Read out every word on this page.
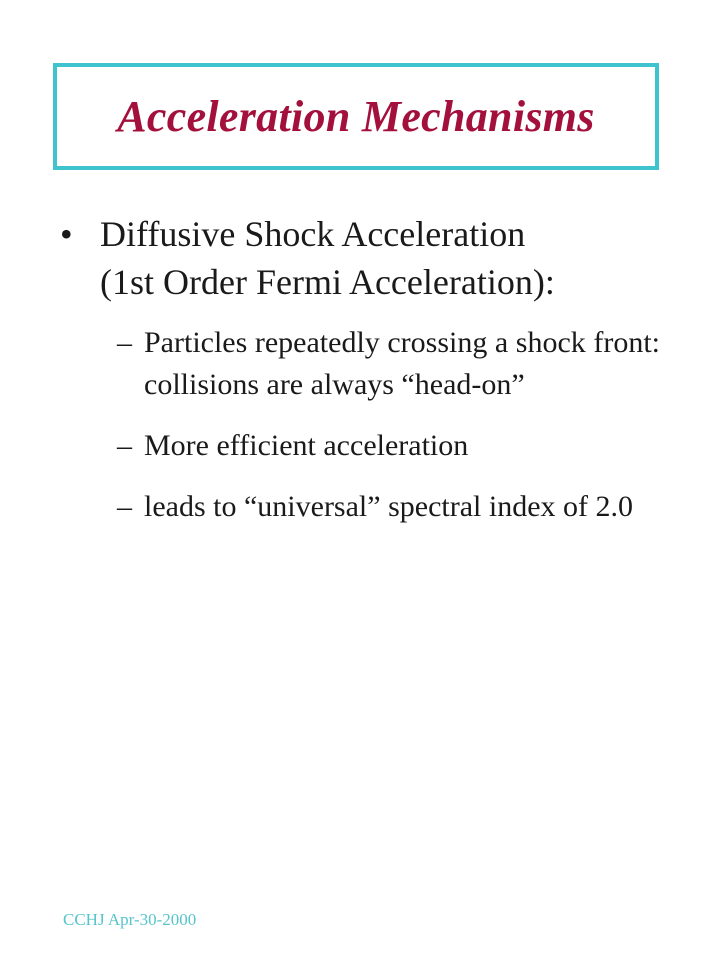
Acceleration Mechanisms
• Diffusive Shock Acceleration
(1st Order Fermi Acceleration):
– Particles repeatedly crossing a shock front: collisions are always “head-on”
– More efficient acceleration
– leads to “universal” spectral index of 2.0
CCHJ Apr-30-2000
